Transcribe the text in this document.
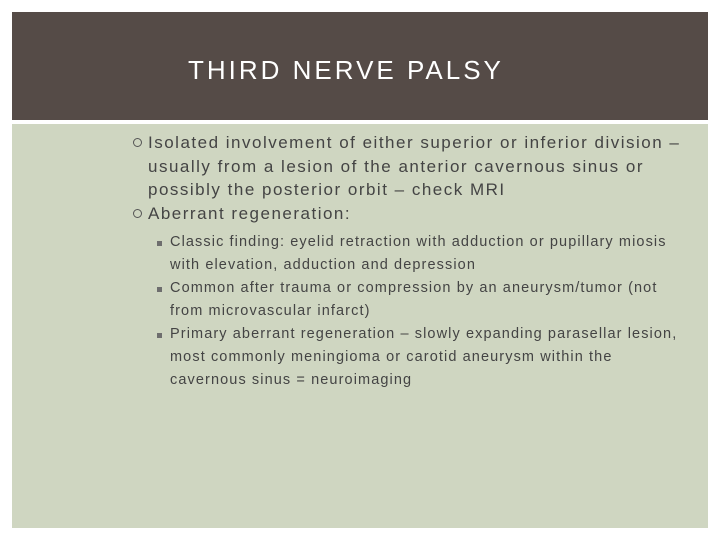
THIRD NERVE PALSY
Isolated involvement of either superior or inferior division – usually from a lesion of the anterior cavernous sinus or possibly the posterior orbit – check MRI
Aberrant regeneration:
Classic finding: eyelid retraction with adduction or pupillary miosis with elevation, adduction and depression
Common after trauma or compression by an aneurysm/tumor (not from microvascular infarct)
Primary aberrant regeneration – slowly expanding parasellar lesion, most commonly meningioma or carotid aneurysm within the cavernous sinus = neuroimaging
